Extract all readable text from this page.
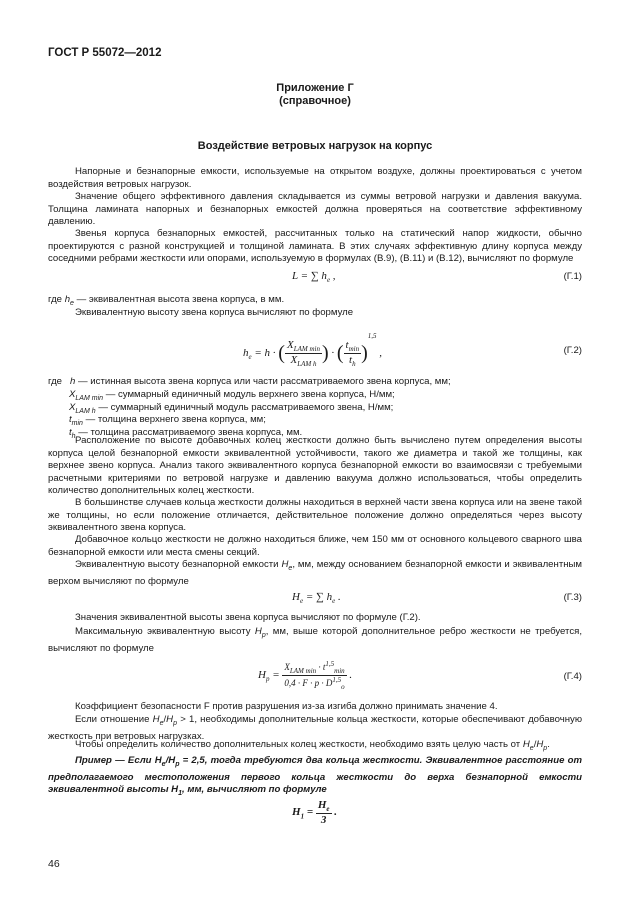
ГОСТ Р 55072—2012
Приложение Г
(справочное)
Воздействие ветровых нагрузок на корпус
Напорные и безнапорные емкости, используемые на открытом воздухе, должны проектироваться с учетом воздействия ветровых нагрузок.
Значение общего эффективного давления складывается из суммы ветровой нагрузки и давления вакуума. Толщина ламината напорных и безнапорных емкостей должна проверяться на соответствие эффективному давлению.
Звенья корпуса безнапорных емкостей, рассчитанных только на статический напор жидкости, обычно проектируются с разной конструкцией и толщиной ламината. В этих случаях эффективную длину корпуса между соседними ребрами жесткости или опорами, используемую в формулах (В.9), (В.11) и (В.12), вычисляют по формуле
L = ∑ $h_e$ ,	(Г.1)
где $h_e$ — эквивалентная высота звена корпуса, в мм.
Эквивалентную высоту звена корпуса вычисляют по формуле
$h_e = h$ · ( $\frac{X_{LAM min}}{X_{LAM h}}$ ) · ( $\frac{t_{min}}{t_h} )^{1,5}$ ,	(Г.2)
где h — истинная высота звена корпуса или части рассматриваемого звена корпуса, мм;
$X_{LAM min}$ — суммарный единичный модуль верхнего звена корпуса, Н/мм;
$X_{LAM h}$ — суммарный единичный модуль рассматриваемого звена, Н/мм;
$t_{min}$ — толщина верхнего звена корпуса, мм;
$t_h$ — толщина рассматриваемого звена корпуса, мм.
Расположение по высоте добавочных колец жесткости должно быть вычислено путем определения высоты корпуса целой безнапорной емкости эквивалентной устойчивости, такого же диаметра и такой же толщины, как верхнее звено корпуса. Анализ такого эквивалентного корпуса безнапорной емкости во взаимосвязи с требуемыми расчетными критериями по ветровой нагрузке и давлению вакуума должно использоваться, чтобы определить количество дополнительных колец жесткости.
В большинстве случаев кольца жесткости должны находиться в верхней части звена корпуса или на звене такой же толщины, но если положение отличается, действительное положение должно определяться через высоту эквивалентного звена корпуса.
Добавочное кольцо жесткости не должно находиться ближе, чем 150 мм от основного кольцевого сварного шва безнапорной емкости или места смены секций.
Эквивалентную высоту безнапорной емкости $H_e$, мм, между основанием безнапорной емкости и эквивалентным верхом вычисляют по формуле
$H_e$ = ∑ $h_e$ .	(Г.3)
Значения эквивалентной высоты звена корпуса вычисляют по формуле (Г.2).
Максимальную эквивалентную высоту $H_p$, мм, выше которой дополнительное ребро жесткости не требуется, вычисляют по формуле
$H_p = \frac{X_{LAM min} \cdot t^{1,5}_{min}}{0,4 \cdot F \cdot p \cdot D^{1,5}_o}$ .	(Г.4)
Коэффициент безопасности F против разрушения из-за изгиба должно принимать значение 4.
Если отношение $H_e/H_p > 1$, необходимы дополнительные кольца жесткости, которые обеспечивают добавочную жесткость при ветровых нагрузках.
Чтобы определить количество дополнительных колец жесткости, необходимо взять целую часть от $H_e/H_p$.
Пример — Если $H_e/H_p = 2,5$, тогда требуются два кольца жесткости. Эквивалентное расстояние от предполагаемого местоположения первого кольца жесткости до верха безнапорной емкости эквивалентной высоты $H_1$, мм, вычисляют по формуле
$H_1 = \frac{H_e}{3}$ .
46
